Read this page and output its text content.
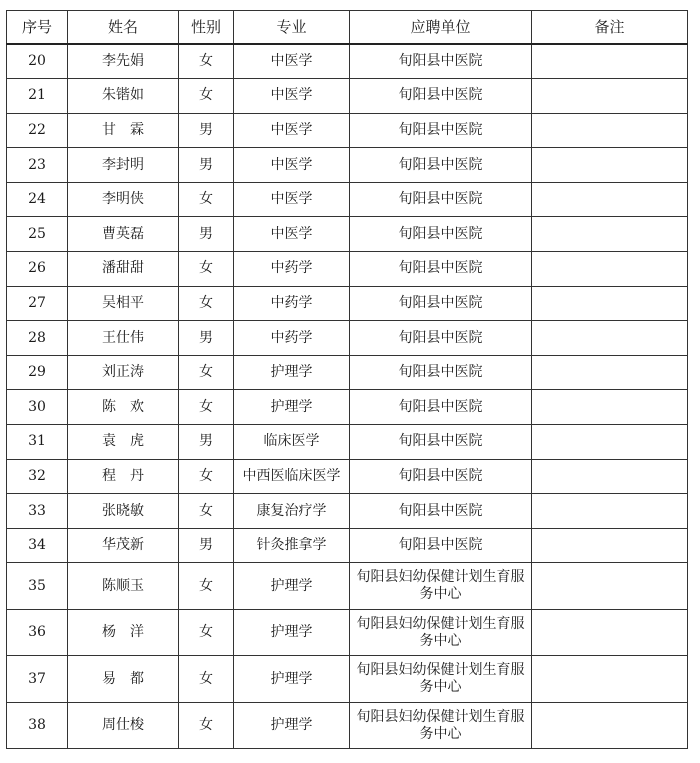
序号	姓名	性别	专业	应聘单位	备注
20	李先娟	女	中医学	旬阳县中医院	

21	朱锴如	女	中医学	旬阳县中医院	

22	甘　霖	男	中医学	旬阳县中医院	

23	李封明	男	中医学	旬阳县中医院	

24	李明侠	女	中医学	旬阳县中医院	

25	曹英磊	男	中医学	旬阳县中医院	

26	潘甜甜	女	中药学	旬阳县中医院	

27	吴相平	女	中药学	旬阳县中医院	

28	王仕伟	男	中药学	旬阳县中医院	

29	刘正涛	女	护理学	旬阳县中医院	

30	陈　欢	女	护理学	旬阳县中医院	

31	袁　虎	男	临床医学	旬阳县中医院	

32	程　丹	女	中西医临床医学	旬阳县中医院	

33	张晓敏	女	康复治疗学	旬阳县中医院	

34	华茂新	男	针灸推拿学	旬阳县中医院	

35	陈顺玉	女	护理学	旬阳县妇幼保健计划生育服务中心	

36	杨　洋	女	护理学	旬阳县妇幼保健计划生育服务中心	

37	易　都	女	护理学	旬阳县妇幼保健计划生育服务中心	

38	周仕梭	女	护理学	旬阳县妇幼保健计划生育服务中心	
